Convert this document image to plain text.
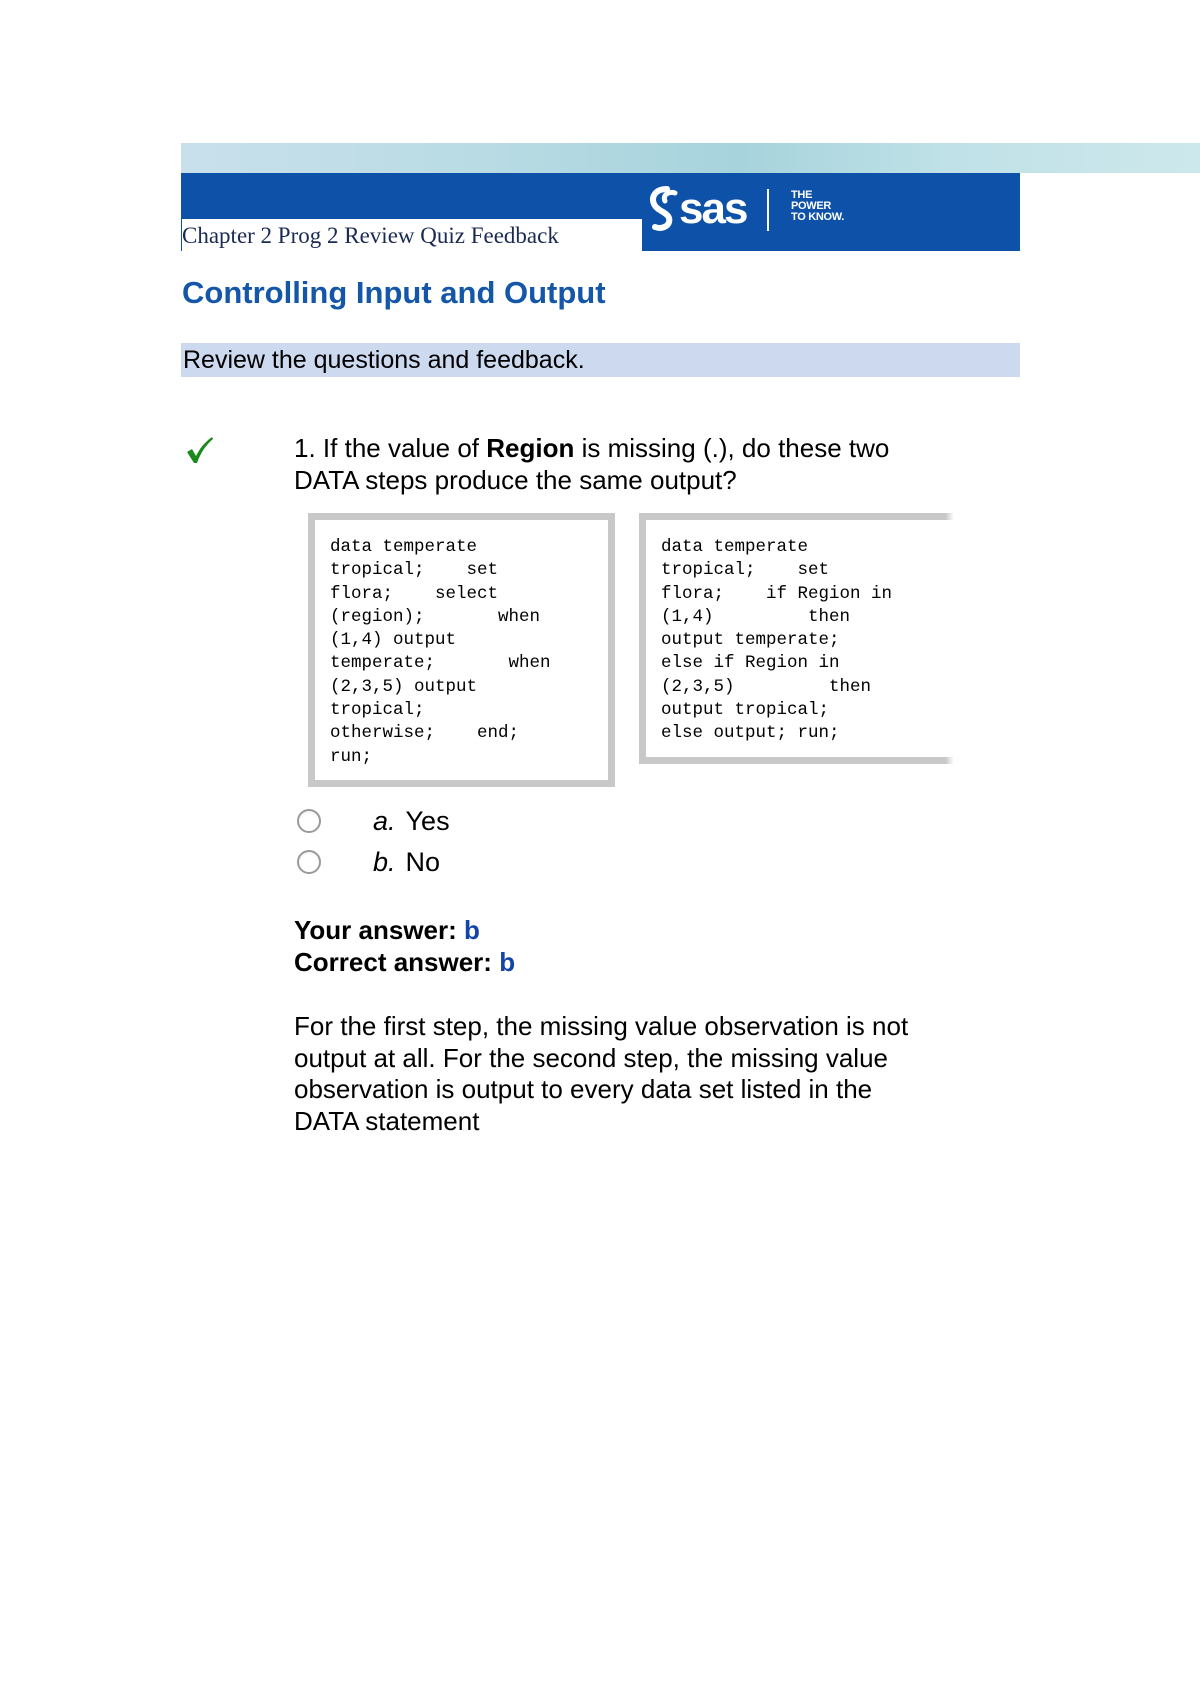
Chapter 2 Prog 2 Review Quiz Feedback
sas	THE
POWER
TO KNOW.
Controlling Input and Output
Review the questions and feedback.
1. If the value of Region is missing (.), do these two DATA steps produce the same output?
data temperate
tropical;    set
flora;    select
(region);       when
(1,4) output
temperate;       when
(2,3,5) output
tropical;
otherwise;    end;
run;
data temperate
tropical;    set
flora;    if Region in
(1,4)         then
output temperate;
else if Region in
(2,3,5)         then
output tropical;
else output; run;
a. Yes
b. No
Your answer: b
Correct answer: b
For the first step, the missing value observation is not output at all. For the second step, the missing value observation is output to every data set listed in the DATA statement
